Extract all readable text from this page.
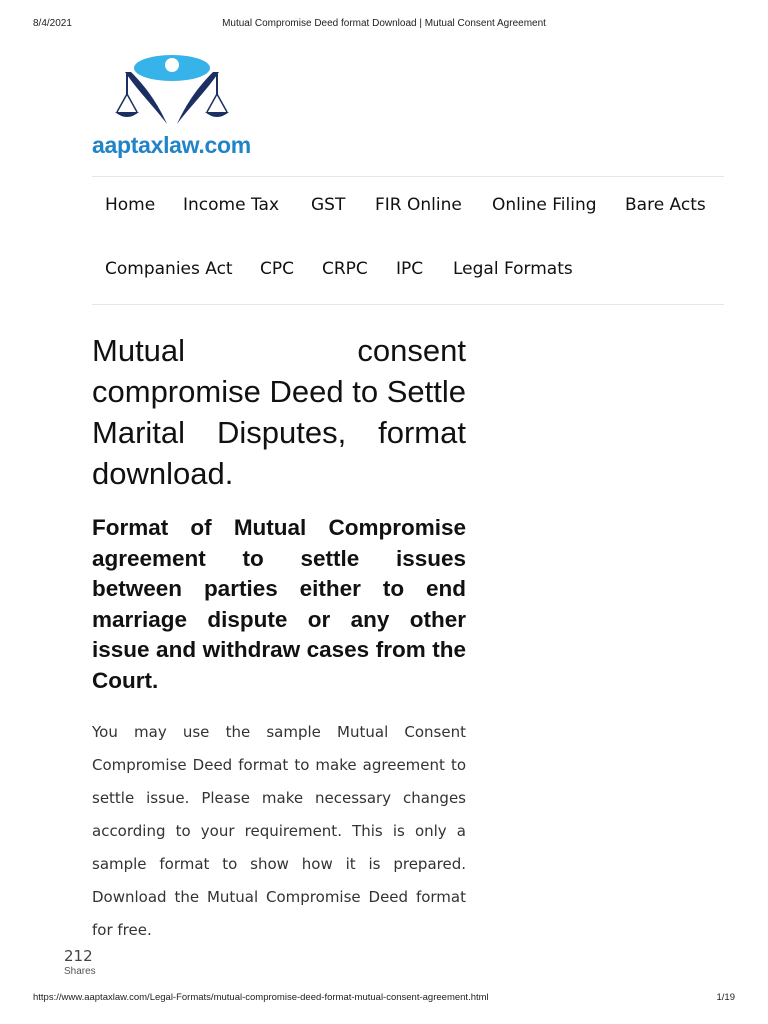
8/4/2021	Mutual Compromise Deed format Download | Mutual Consent Agreement
aaptaxlaw.com
Home Income Tax GST FIR Online Online Filing Bare Acts
Companies Act CPC CRPC IPC Legal Formats
Mutual consent compromise Deed to Settle Marital Disputes, format download.
Format of Mutual Compromise agreement to settle issues between parties either to end marriage dispute or any other issue and withdraw cases from the Court.

You may use the sample Mutual Consent Compromise Deed format to make agreement to settle issue. Please make necessary changes according to your requirement. This is only a sample format to show how it is prepared. Download the Mutual Compromise Deed format for free.

212
Shares
https://www.aaptaxlaw.com/Legal-Formats/mutual-compromise-deed-format-mutual-consent-agreement.html	1/19
